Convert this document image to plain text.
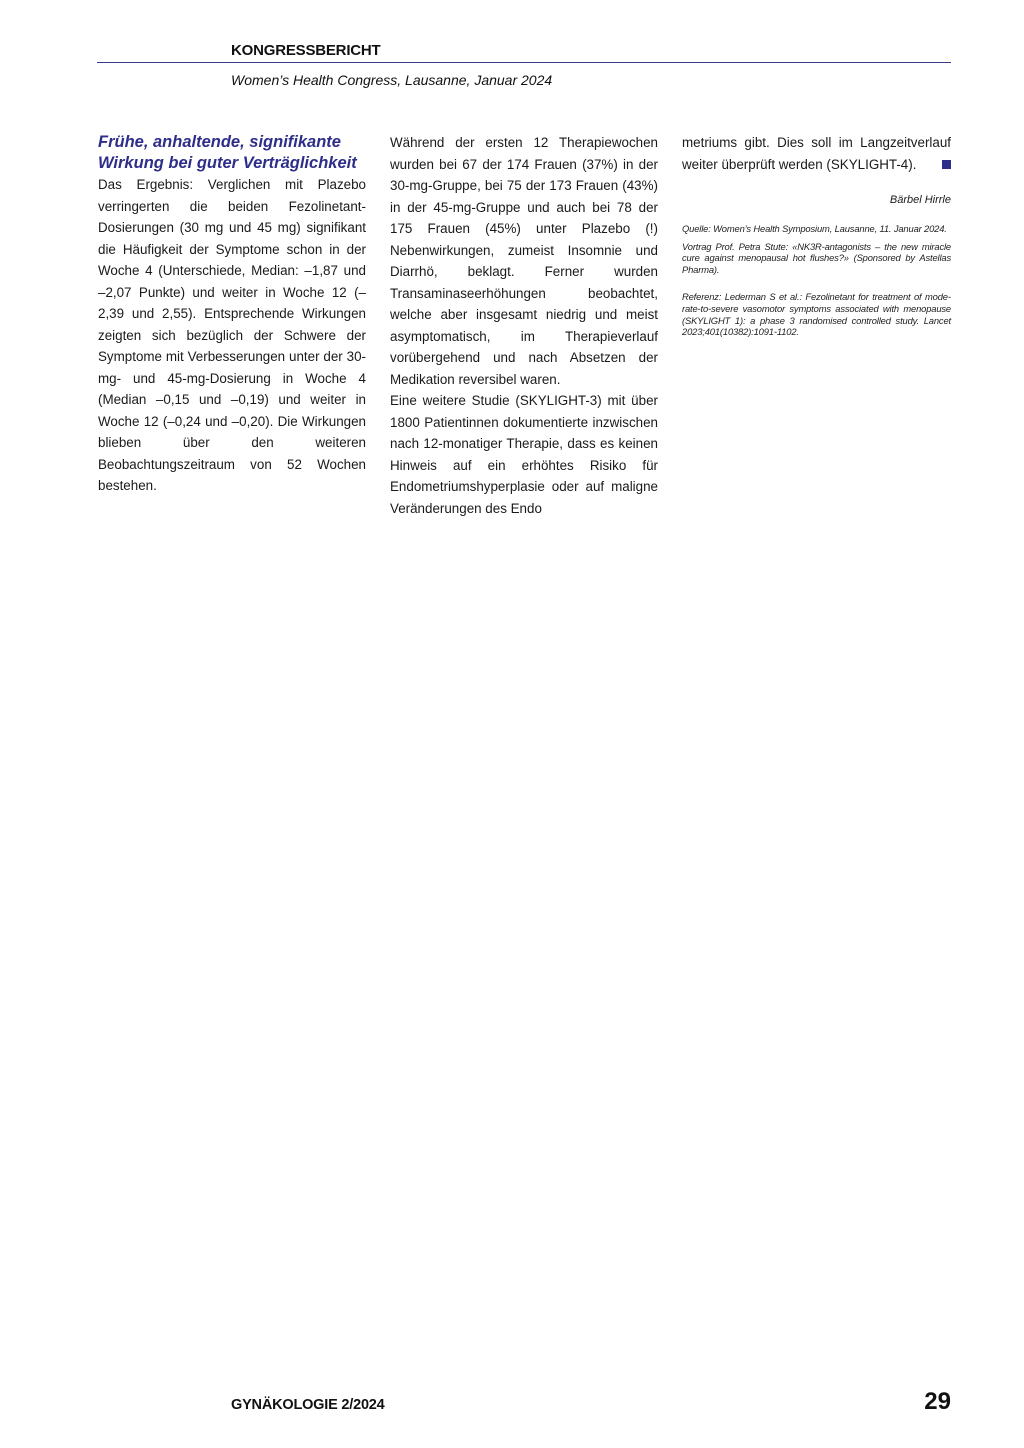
KONGRESSBERICHT
Women’s Health Congress, Lausanne, Januar 2024
Frühe, anhaltende, signifikante Wirkung bei guter Verträglichkeit

Das Ergebnis: Verglichen mit Plazebo verringerten die beiden Fezolinetant-Dosierungen (30 mg und 45 mg) signifikant die Häufigkeit der Symptome schon in der Woche 4 (Unterschiede, Median: –1,87 und –2,07 Punkte) und weiter in Woche 12 (–2,39 und 2,55). Entsprechende Wirkungen zeigten sich bezüglich der Schwere der Symptome mit Verbesserungen unter der 30-mg- und 45-mg-Dosierung in Woche 4 (Median –0,15 und –0,19) und weiter in Woche 12 (–0,24 und –0,20). Die Wirkungen blieben über den weiteren Beobachtungszeitraum von 52 Wochen bestehen.

Während der ersten 12 Therapiewochen wurden bei 67 der 174 Frauen (37%) in der 30-mg-Gruppe, bei 75 der 173 Frauen (43%) in der 45-mg-Gruppe und auch bei 78 der 175 Frauen (45%) unter Plazebo (!) Nebenwirkungen, zumeist Insomnie und Diarrhö, beklagt. Ferner wurden Transaminaseerhöhungen beobachtet, welche aber insgesamt niedrig und meist asymptomatisch, im Therapieverlauf vorübergehend und nach Absetzen der Medikation reversibel waren.

Eine weitere Studie (SKYLIGHT-3) mit über 1800 Patientinnen dokumentierte inzwischen nach 12-monatiger Therapie, dass es keinen Hinweis auf ein erhöhtes Risiko für Endometriumshyperplasie oder auf maligne Veränderungen des Endo

metriums gibt. Dies soll im Langzeitverlauf weiter überprüft werden (SKYLIGHT-4).

Bärbel Hirrle
Quelle: Women’s Health Symposium, Lausanne, 11. Januar 2024.
Vortrag Prof. Petra Stute: «NK3R-antagonists – the new miracle cure against menopausal hot flushes?» (Sponsored by Astellas Pharma).
Referenz: Lederman S et al.: Fezolinetant for treatment of moderate-to-severe vasomotor symptoms associated with menopause (SKYLIGHT 1): a phase 3 randomised controlled study. Lancet 2023;401(10382):1091-1102.
GYNÄKOLOGIE 2/2024	29
